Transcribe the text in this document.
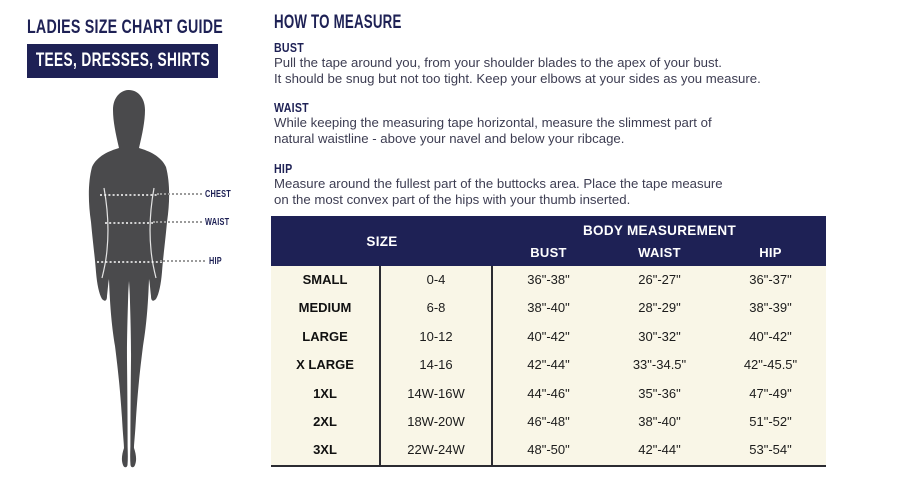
LADIES SIZE CHART GUIDE
TEES, DRESSES, SHIRTS
CHEST
WAIST
HIP
HOW TO MEASURE
BUST
Pull the tape around you, from your shoulder blades to the apex of your bust.
It should be snug but not too tight. Keep your elbows at your sides as you measure.
WAIST
While keeping the measuring tape horizontal, measure the slimmest part of
natural waistline - above your navel and below your ribcage.
HIP
Measure around the fullest part of the buttocks area. Place the tape measure
on the most convex part of the hips with your thumb inserted.
SIZE
BODY MEASUREMENT
BUST	WAIST	HIP
SMALL	0-4	36"-38"	26"-27"	36"-37"
MEDIUM	6-8	38"-40"	28"-29"	38"-39"
LARGE	10-12	40"-42"	30"-32"	40"-42"
X LARGE	14-16	42"-44"	33"-34.5"	42"-45.5"
1XL	14W-16W	44"-46"	35"-36"	47"-49"
2XL	18W-20W	46"-48"	38"-40"	51"-52"
3XL	22W-24W	48"-50"	42"-44"	53"-54"
